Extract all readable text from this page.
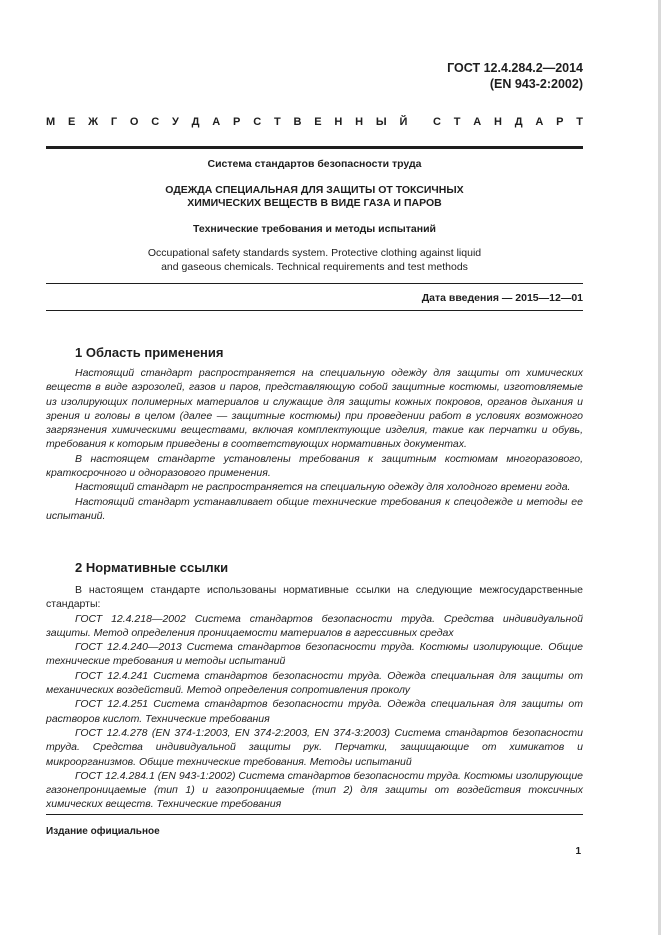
ГОСТ 12.4.284.2—2014
(EN 943-2:2002)
М Е Ж Г О С У Д А Р С Т В Е Н Н Ы Й С Т А Н Д А Р Т
Система стандартов безопасности труда
ОДЕЖДА СПЕЦИАЛЬНАЯ ДЛЯ ЗАЩИТЫ ОТ ТОКСИЧНЫХ
ХИМИЧЕСКИХ ВЕЩЕСТВ В ВИДЕ ГАЗА И ПАРОВ
Технические требования и методы испытаний
Occupational safety standards system. Protective clothing against liquid
and gaseous chemicals. Technical requirements and test methods
Дата введения — 2015—12—01
1 Область применения

Настоящий стандарт распространяется на специальную одежду для защиты от химических веществ в виде аэрозолей, газов и паров, представляющую собой защитные костюмы, изготовляемые из изолирующих полимерных материалов и служащие для защиты кожных покровов, органов дыхания и зрения и головы в целом (далее — защитные костюмы) при проведении работ в условиях возможного загрязнения химическими веществами, включая комплектующие изделия, такие как перчатки и обувь, требования к которым приведены в соответствующих нормативных документах.

В настоящем стандарте установлены требования к защитным костюмам многоразового, краткосрочного и одноразового применения.

Настоящий стандарт не распространяется на специальную одежду для холодного времени года.

Настоящий стандарт устанавливает общие технические требования к спецодежде и методы ее испытаний.

2 Нормативные ссылки

В настоящем стандарте использованы нормативные ссылки на следующие межгосударственные стандарты:

ГОСТ 12.4.218—2002 Система стандартов безопасности труда. Средства индивидуальной защиты. Метод определения проницаемости материалов в агрессивных средах

ГОСТ 12.4.240—2013 Система стандартов безопасности труда. Костюмы изолирующие. Общие технические требования и методы испытаний

ГОСТ 12.4.241 Система стандартов безопасности труда. Одежда специальная для защиты от механических воздействий. Метод определения сопротивления проколу

ГОСТ 12.4.251 Система стандартов безопасности труда. Одежда специальная для защиты от растворов кислот. Технические требования

ГОСТ 12.4.278 (EN 374-1:2003, EN 374-2:2003, EN 374-3:2003) Система стандартов безопасности труда. Средства индивидуальной защиты рук. Перчатки, защищающие от химикатов и микроорганизмов. Общие технические требования. Методы испытаний

ГОСТ 12.4.284.1 (EN 943-1:2002) Система стандартов безопасности труда. Костюмы изолирующие газонепроницаемые (тип 1) и газопроницаемые (тип 2) для защиты от воздействия токсичных химических веществ. Технические требования

Издание официальное
1
